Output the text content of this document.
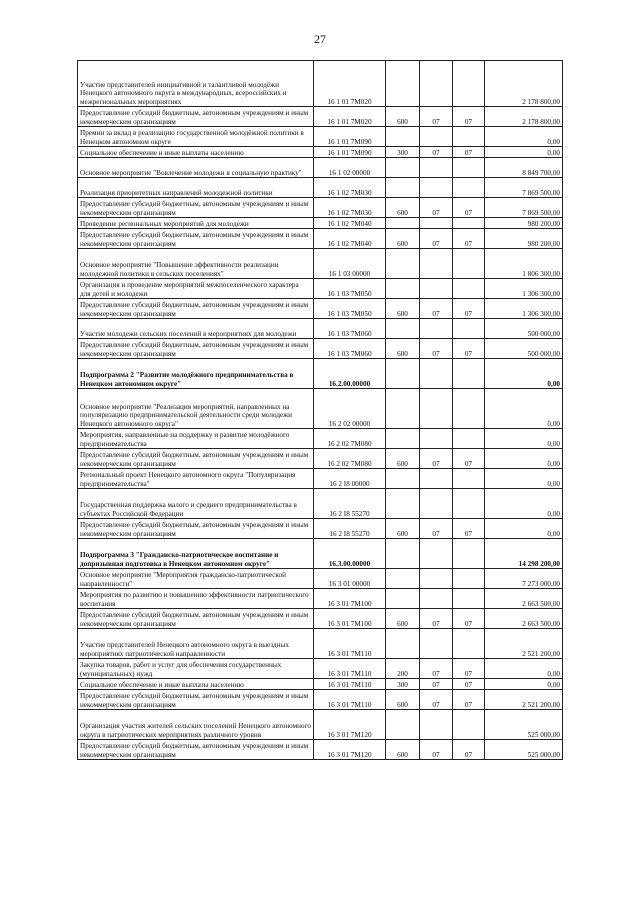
27
Участие представителей инициативной и талантливой молодёжи Ненецкого автономного округа в международных, всероссийских и межрегиональных мероприятиях	16 1 01 7М020				2 178 800,00
Предоставление субсидий бюджетным, автономным учреждениям и иным некоммерческим организациям	16 1 01 7М020	600	07	07	2 178 800,00
Премии за вклад в реализацию государственной молодёжной политики в Ненецком автономном округе	16 1 01 7М090				0,00
Социальное обеспечение и иные выплаты населению	16 1 01 7М090	300	07	07	0,00
Основное мероприятие "Вовлечение молодежи в социальную практику"	16 1 02 00000				8 849 700,00
Реализация приоритетных направлений молодежной политики	16 1 02 7М030				7 869 500,00
Предоставление субсидий бюджетным, автономным учреждениям и иным некоммерческим организациям	16 1 02 7М030	600	07	07	7 869 500,00
Проведение региональных мероприятий для молодежи	16 1 02 7М040				980 200,00
Предоставление субсидий бюджетным, автономным учреждениям и иным некоммерческим организациям	16 1 02 7М040	600	07	07	980 200,00
Основное мероприятие "Повышение эффективности реализации молодежной политики в сельских поселениях"	16 1 03 00000				1 806 300,00
Организация и проведение мероприятий межпоселенческого характера для детей и молодежи	16 1 03 7М050				1 306 300,00
Предоставление субсидий бюджетным, автономным учреждениям и иным некоммерческим организациям	16 1 03 7М050	600	07	07	1 306 300,00
Участие молодежи сельских поселений в мероприятиях для молодежи	16 1 03 7М060				500 000,00
Предоставление субсидий бюджетным, автономным учреждениям и иным некоммерческим организациям	16 1 03 7М060	600	07	07	500 000,00
Подпрограмма 2 "Развитие молодёжного предпринимательства в Ненецком автономном округе"	16.2.00.00000				0,00
Основное мероприятие "Реализация мероприятий, направленных на популяризацию предпринимательской деятельности среди молодежи Ненецкого автономного округа"	16 2 02 00000				0,00
Мероприятия, направленные на поддержку и развитие молодёжного предпринимательства	16 2 02 7М080				0,00
Предоставление субсидий бюджетным, автономным учреждениям и иным некоммерческим организациям	16 2 02 7М080	600	07	07	0,00
Региональный проект Ненецкого автономного округа "Популяризация предпринимательства"	16 2 I8 00000				0,00
Государственная поддержка малого и среднего предпринимательства в субъектах Российской Федерации	16 2 I8 55270				0,00
Предоставление субсидий бюджетным, автономным учреждениям и иным некоммерческим организациям	16 2 I8 55270	600	07	07	0,00
Подпрограмма 3 "Гражданско-патриотическое воспитание и допризывная подготовка в Ненецком автономном округе"	16.3.00.00000				14 298 200,00
Основное мероприятие "Мероприятия гражданско-патриотической направленности"	16 3 01 00000				7 273 000,00
Мероприятия по развитию и повышению эффективности патриотического воспитания	16 3 01 7М100				2 663 500,00
Предоставление субсидий бюджетным, автономным учреждениям и иным некоммерческим организациям	16 3 01 7М100	600	07	07	2 663 500,00
Участие представителей Ненецкого автономного округа в выездных мероприятиях патриотической направленности	16 3 01 7М110				2 521 200,00
Закупка товаров, работ и услуг для обеспечения государственных (муниципальных) нужд	16 3 01 7М110	200	07	07	0,00
Социальное обеспечение и иные выплаты населению	16 3 01 7М110	300	07	07	0,00
Предоставление субсидий бюджетным, автономным учреждениям и иным некоммерческим организациям	16 3 01 7М110	600	07	07	2 521 200,00
Организация участия жителей сельских поселений Ненецкого автономного округа в патриотических мероприятиях различного уровня	16 3 01 7М120				525 000,00
Предоставление субсидий бюджетным, автономным учреждениям и иным некоммерческим организациям	16 3 01 7М120	600	07	07	525 000,00
